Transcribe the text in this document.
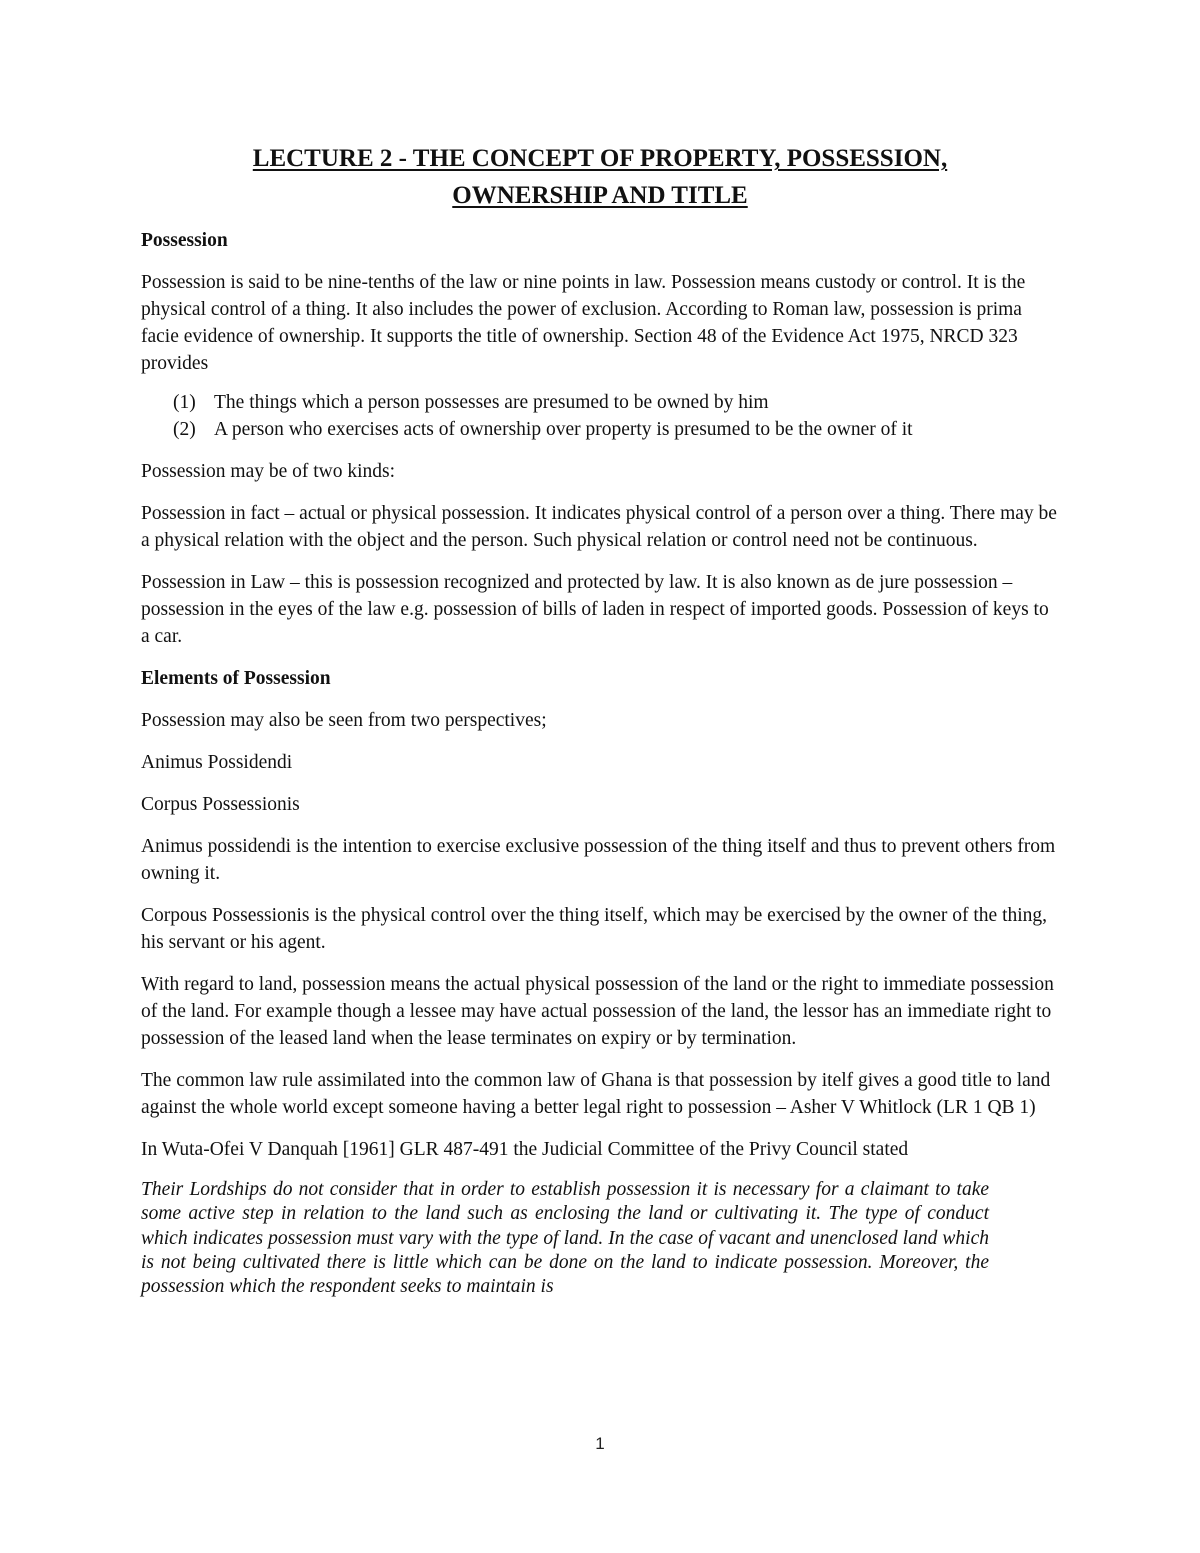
LECTURE 2 - THE CONCEPT OF PROPERTY, POSSESSION,
OWNERSHIP AND TITLE
Possession

Possession is said to be nine-tenths of the law or nine points in law. Possession means custody or control. It is the physical control of a thing. It also includes the power of exclusion. According to Roman law, possession is prima facie evidence of ownership. It supports the title of ownership. Section 48 of the Evidence Act 1975, NRCD 323 provides

(1) The things which a person possesses are presumed to be owned by him
(2) A person who exercises acts of ownership over property is presumed to be the owner of it

Possession may be of two kinds:

Possession in fact – actual or physical possession. It indicates physical control of a person over a thing. There may be a physical relation with the object and the person. Such physical relation or control need not be continuous.

Possession in Law – this is possession recognized and protected by law. It is also known as de jure possession – possession in the eyes of the law e.g. possession of bills of laden in respect of imported goods. Possession of keys to a car.

Elements of Possession

Possession may also be seen from two perspectives;

Animus Possidendi

Corpus Possessionis

Animus possidendi is the intention to exercise exclusive possession of the thing itself and thus to prevent others from owning it.

Corpous Possessionis is the physical control over the thing itself, which may be exercised by the owner of the thing, his servant or his agent.

With regard to land, possession means the actual physical possession of the land or the right to immediate possession of the land. For example though a lessee may have actual possession of the land, the lessor has an immediate right to possession of the leased land when the lease terminates on expiry or by termination.

The common law rule assimilated into the common law of Ghana is that possession by itelf gives a good title to land against the whole world except someone having a better legal right to possession – Asher V Whitlock (LR 1 QB 1)

In Wuta-Ofei V Danquah [1961] GLR 487-491 the Judicial Committee of the Privy Council stated

Their Lordships do not consider that in order to establish possession it is necessary for a claimant to take some active step in relation to the land such as enclosing the land or cultivating it. The type of conduct which indicates possession must vary with the type of land. In the case of vacant and unenclosed land which is not being cultivated there is little which can be done on the land to indicate possession. Moreover, the possession which the respondent seeks to maintain is

1
